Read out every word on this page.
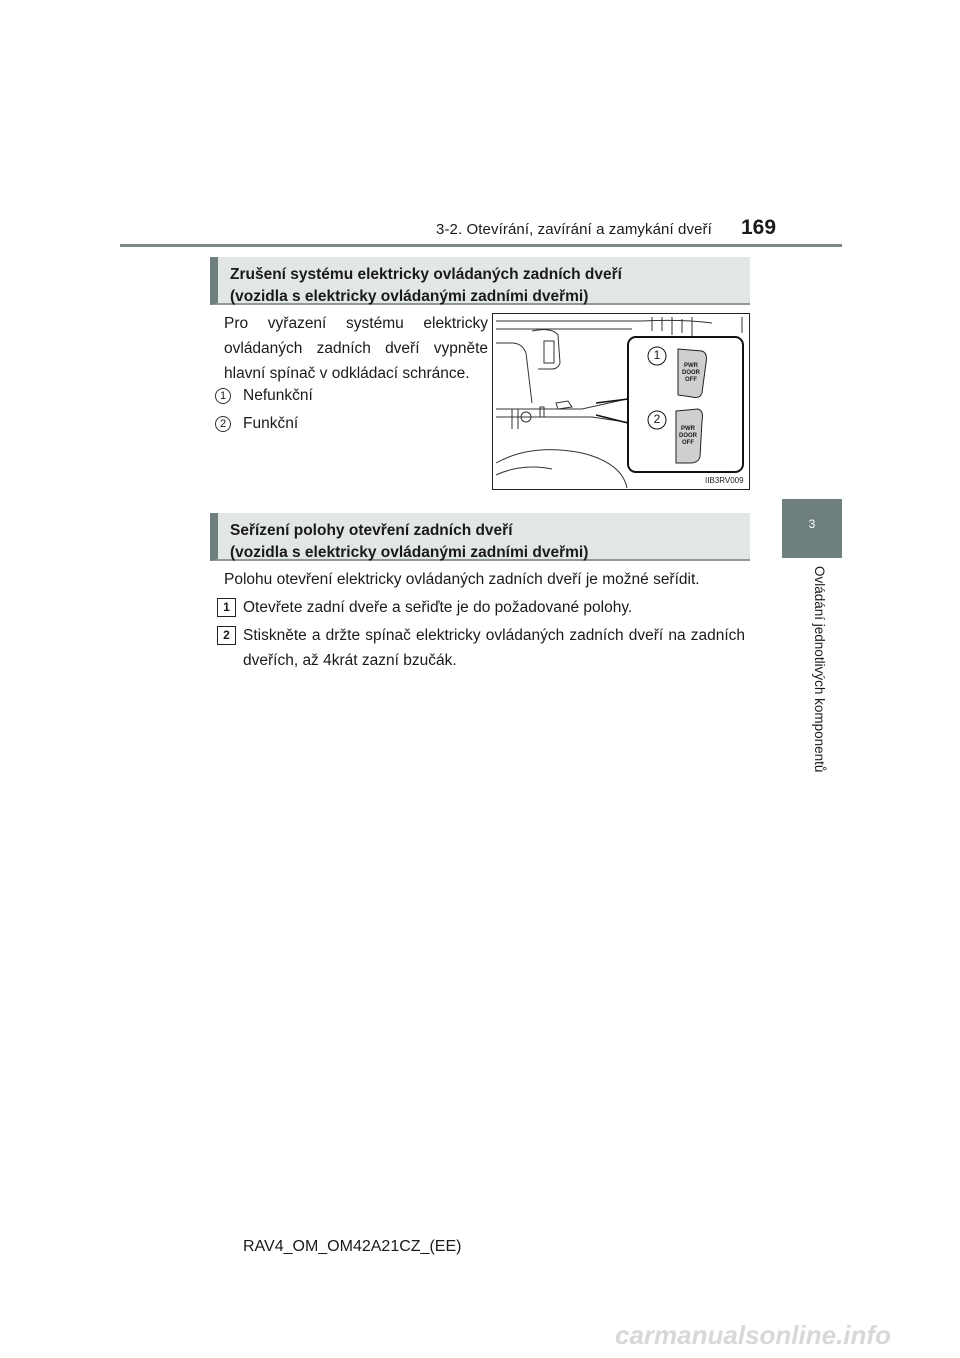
3-2. Otevírání, zavírání a zamykání dveří 169
3
Ovládání jednotlivých komponentů
Zrušení systému elektricky ovládaných zadních dveří
(vozidla s elektricky ovládanými zadními dveřmi)
Pro vyřazení systému elektricky ovládaných zadních dveří vypněte hlavní spínač v odkládací schránce.
1	Nefunkční
2	Funkční
1
2
PWR
DOOR
OFF
PWR
DOOR
OFF
IIB3RV009
Seřízení polohy otevření zadních dveří
(vozidla s elektricky ovládanými zadními dveřmi)
Polohu otevření elektricky ovládaných zadních dveří je možné seřídit.
1 Otevřete zadní dveře a seřiďte je do požadované polohy.
2 Stiskněte a držte spínač elektricky ovládaných zadních dveří na zadních dveřích, až 4krát zazní bzučák.
RAV4_OM_OM42A21CZ_(EE)
carmanualsonline.info
